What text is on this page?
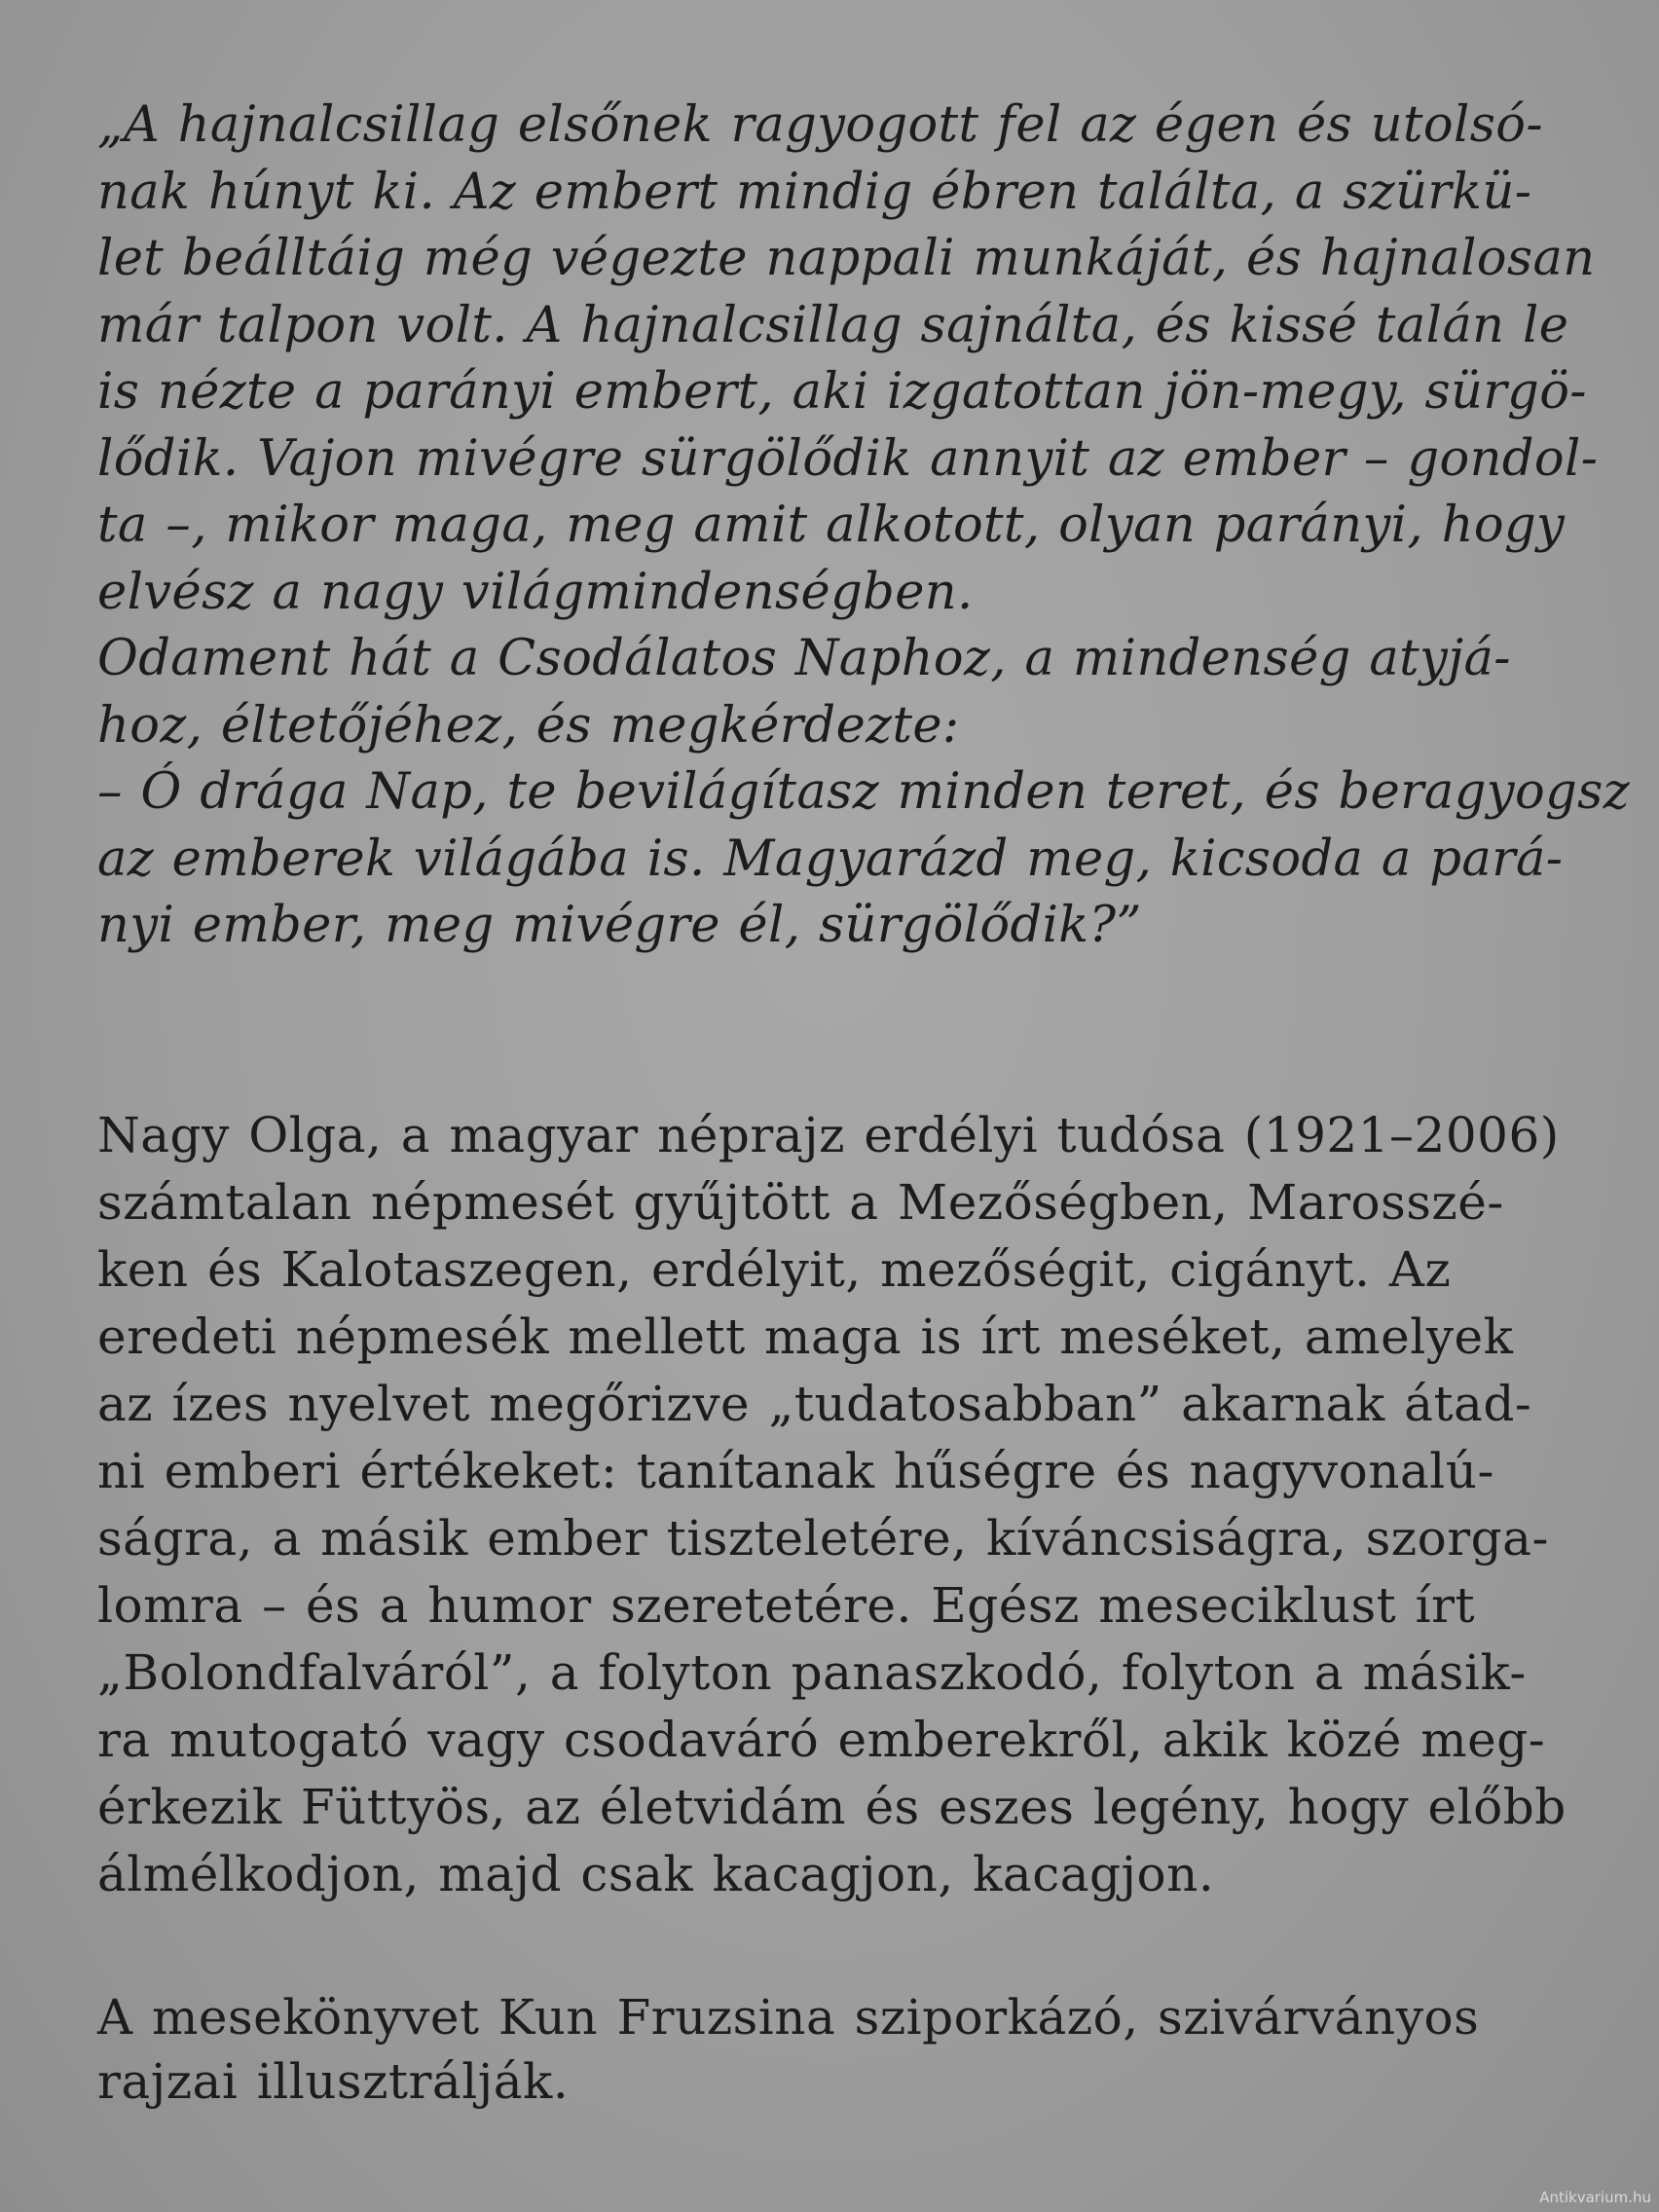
„A hajnalcsillag elsőnek ragyogott fel az égen és utolsó-
nak húnyt ki. Az embert mindig ébren találta, a szürkü-
let beálltáig még végezte nappali munkáját, és hajnalosan
már talpon volt. A hajnalcsillag sajnálta, és kissé talán le
is nézte a parányi embert, aki izgatottan jön-megy, sürgö-
lődik. Vajon mivégre sürgölődik annyit az ember – gondol-
ta –, mikor maga, meg amit alkotott, olyan parányi, hogy
elvész a nagy világmindenségben.
Odament hát a Csodálatos Naphoz, a mindenség atyjá-
hoz, éltetőjéhez, és megkérdezte:
– Ó drága Nap, te bevilágítasz minden teret, és beragyogsz
az emberek világába is. Magyarázd meg, kicsoda a pará-
nyi ember, meg mivégre él, sürgölődik?”
Nagy Olga, a magyar néprajz erdélyi tudósa (1921–2006)
számtalan népmesét gyűjtött a Mezőségben, Marosszé-
ken és Kalotaszegen, erdélyit, mezőségit, cigányt. Az
eredeti népmesék mellett maga is írt meséket, amelyek
az ízes nyelvet megőrizve „tudatosabban” akarnak átad-
ni emberi értékeket: tanítanak hűségre és nagyvonalú-
ságra, a másik ember tiszteletére, kíváncsiságra, szorga-
lomra – és a humor szeretetére. Egész meseciklust írt
„Bolondfalváról”, a folyton panaszkodó, folyton a másik-
ra mutogató vagy csodaváró emberekről, akik közé meg-
érkezik Füttyös, az életvidám és eszes legény, hogy előbb
álmélkodjon, majd csak kacagjon, kacagjon.
A mesekönyvet Kun Fruzsina sziporkázó, szivárványos
rajzai illusztrálják.
Antikvarium.hu
